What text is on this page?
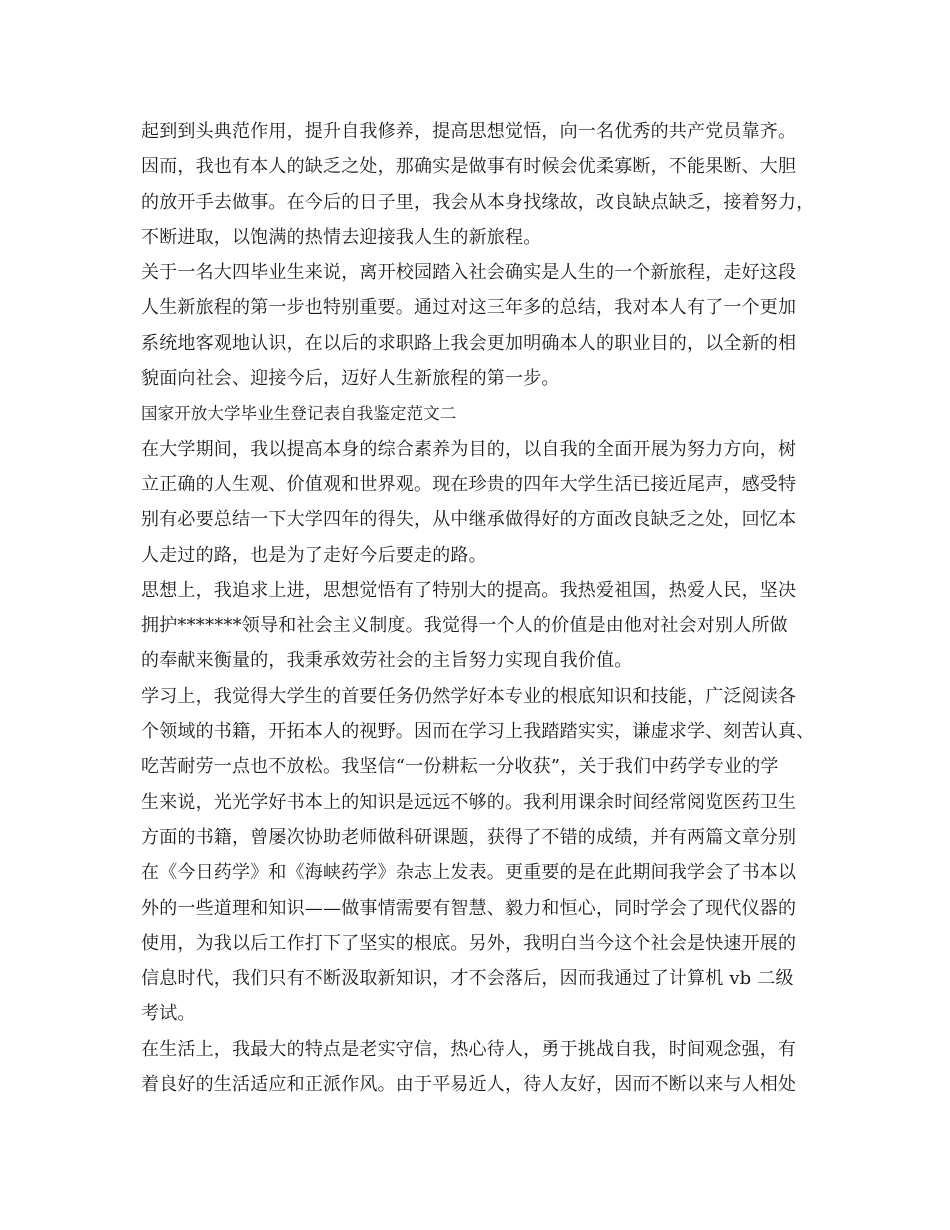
起到到头典范作用，提升自我修养，提高思想觉悟，向一名优秀的共产党员靠齐。
因而，我也有本人的缺乏之处，那确实是做事有时候会优柔寡断，不能果断、大胆
的放开手去做事。在今后的日子里，我会从本身找缘故，改良缺点缺乏，接着努力，
不断进取，以饱满的热情去迎接我人生的新旅程。
关于一名大四毕业生来说，离开校园踏入社会确实是人生的一个新旅程，走好这段
人生新旅程的第一步也特别重要。通过对这三年多的总结，我对本人有了一个更加
系统地客观地认识，在以后的求职路上我会更加明确本人的职业目的，以全新的相
貌面向社会、迎接今后，迈好人生新旅程的第一步。
国家开放大学毕业生登记表自我鉴定范文二
在大学期间，我以提高本身的综合素养为目的，以自我的全面开展为努力方向，树
立正确的人生观、价值观和世界观。现在珍贵的四年大学生活已接近尾声，感受特
别有必要总结一下大学四年的得失，从中继承做得好的方面改良缺乏之处，回忆本
人走过的路，也是为了走好今后要走的路。
思想上，我追求上进，思想觉悟有了特别大的提高。我热爱祖国，热爱人民，坚决
拥护*******领导和社会主义制度。我觉得一个人的价值是由他对社会对别人所做
的奉献来衡量的，我秉承效劳社会的主旨努力实现自我价值。
学习上，我觉得大学生的首要任务仍然学好本专业的根底知识和技能，广泛阅读各
个领域的书籍，开拓本人的视野。因而在学习上我踏踏实实，谦虚求学、刻苦认真、
吃苦耐劳一点也不放松。我坚信“一份耕耘一分收获”，关于我们中药学专业的学
生来说，光光学好书本上的知识是远远不够的。我利用课余时间经常阅览医药卫生
方面的书籍，曾屡次协助老师做科研课题，获得了不错的成绩，并有两篇文章分别
在《今日药学》和《海峡药学》杂志上发表。更重要的是在此期间我学会了书本以
外的一些道理和知识——做事情需要有智慧、毅力和恒心，同时学会了现代仪器的
使用，为我以后工作打下了坚实的根底。另外，我明白当今这个社会是快速开展的
信息时代，我们只有不断汲取新知识，才不会落后，因而我通过了计算机 vb 二级
考试。
在生活上，我最大的特点是老实守信，热心待人，勇于挑战自我，时间观念强，有
着良好的生活适应和正派作风。由于平易近人，待人友好，因而不断以来与人相处
